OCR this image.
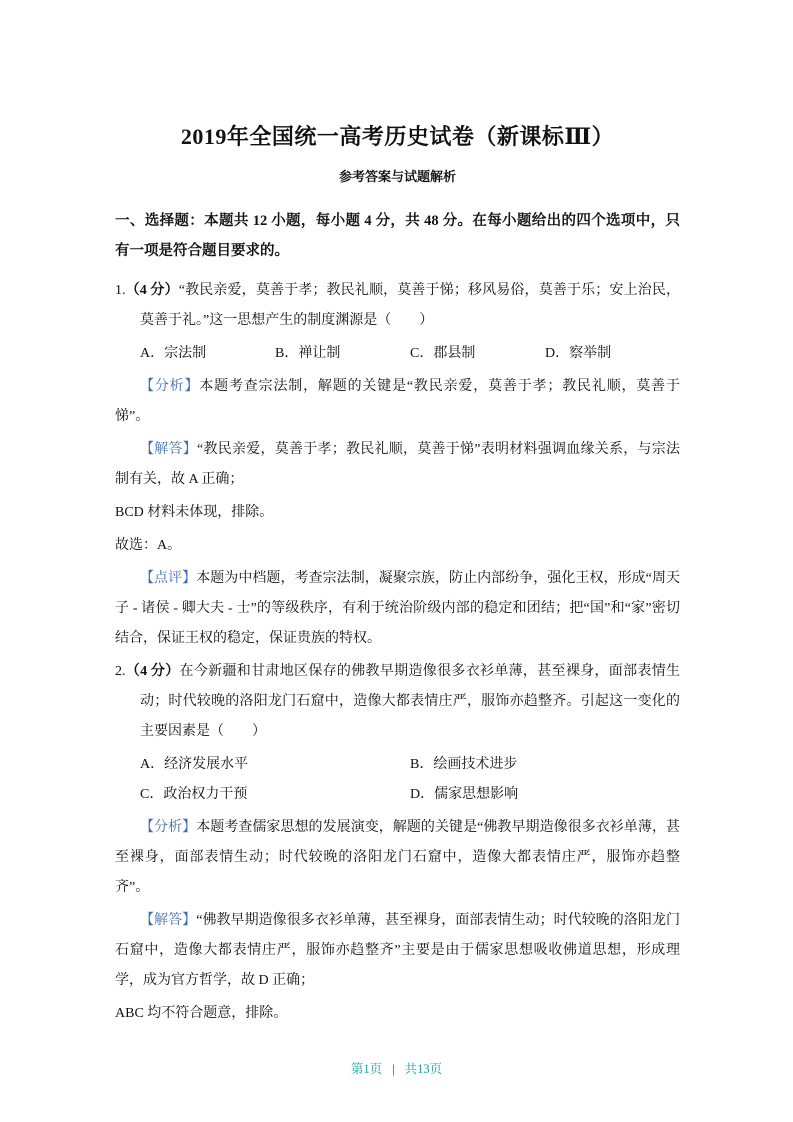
2019年全国统一高考历史试卷（新课标Ⅲ）
参考答案与试题解析

一、选择题：本题共 12 小题，每小题 4 分，共 48 分。在每小题给出的四个选项中，只有一项是符合题目要求的。

1.（4 分）“教民亲爱，莫善于孝；教民礼顺，莫善于悌；移风易俗，莫善于乐；安上治民，莫善于礼。”这一思想产生的制度渊源是（　　）

A．宗法制	B．禅让制	C．郡县制	D．察举制

【分析】本题考查宗法制，解题的关键是“教民亲爱，莫善于孝；教民礼顺，莫善于悌”。

【解答】“教民亲爱，莫善于孝；教民礼顺，莫善于悌”表明材料强调血缘关系，与宗法制有关，故 A 正确；

BCD 材料未体现，排除。

故选：A。

【点评】本题为中档题，考查宗法制，凝聚宗族，防止内部纷争，强化王权，形成“周天子 - 诸侯 - 卿大夫 - 士”的等级秩序，有利于统治阶级内部的稳定和团结；把“国”和“家”密切结合，保证王权的稳定，保证贵族的特权。

2.（4 分）在今新疆和甘肃地区保存的佛教早期造像很多衣衫单薄，甚至裸身，面部表情生动；时代较晚的洛阳龙门石窟中，造像大都表情庄严，服饰亦趋整齐。引起这一变化的主要因素是（　　）

A．经济发展水平	B．绘画技术进步
C．政治权力干预	D．儒家思想影响

【分析】本题考查儒家思想的发展演变，解题的关键是“佛教早期造像很多衣衫单薄，甚至裸身，面部表情生动；时代较晚的洛阳龙门石窟中，造像大都表情庄严，服饰亦趋整齐”。

【解答】“佛教早期造像很多衣衫单薄，甚至裸身，面部表情生动；时代较晚的洛阳龙门石窟中，造像大都表情庄严，服饰亦趋整齐”主要是由于儒家思想吸收佛道思想，形成理学，成为官方哲学，故 D 正确；

ABC 均不符合题意，排除。

第1页 | 共13页
